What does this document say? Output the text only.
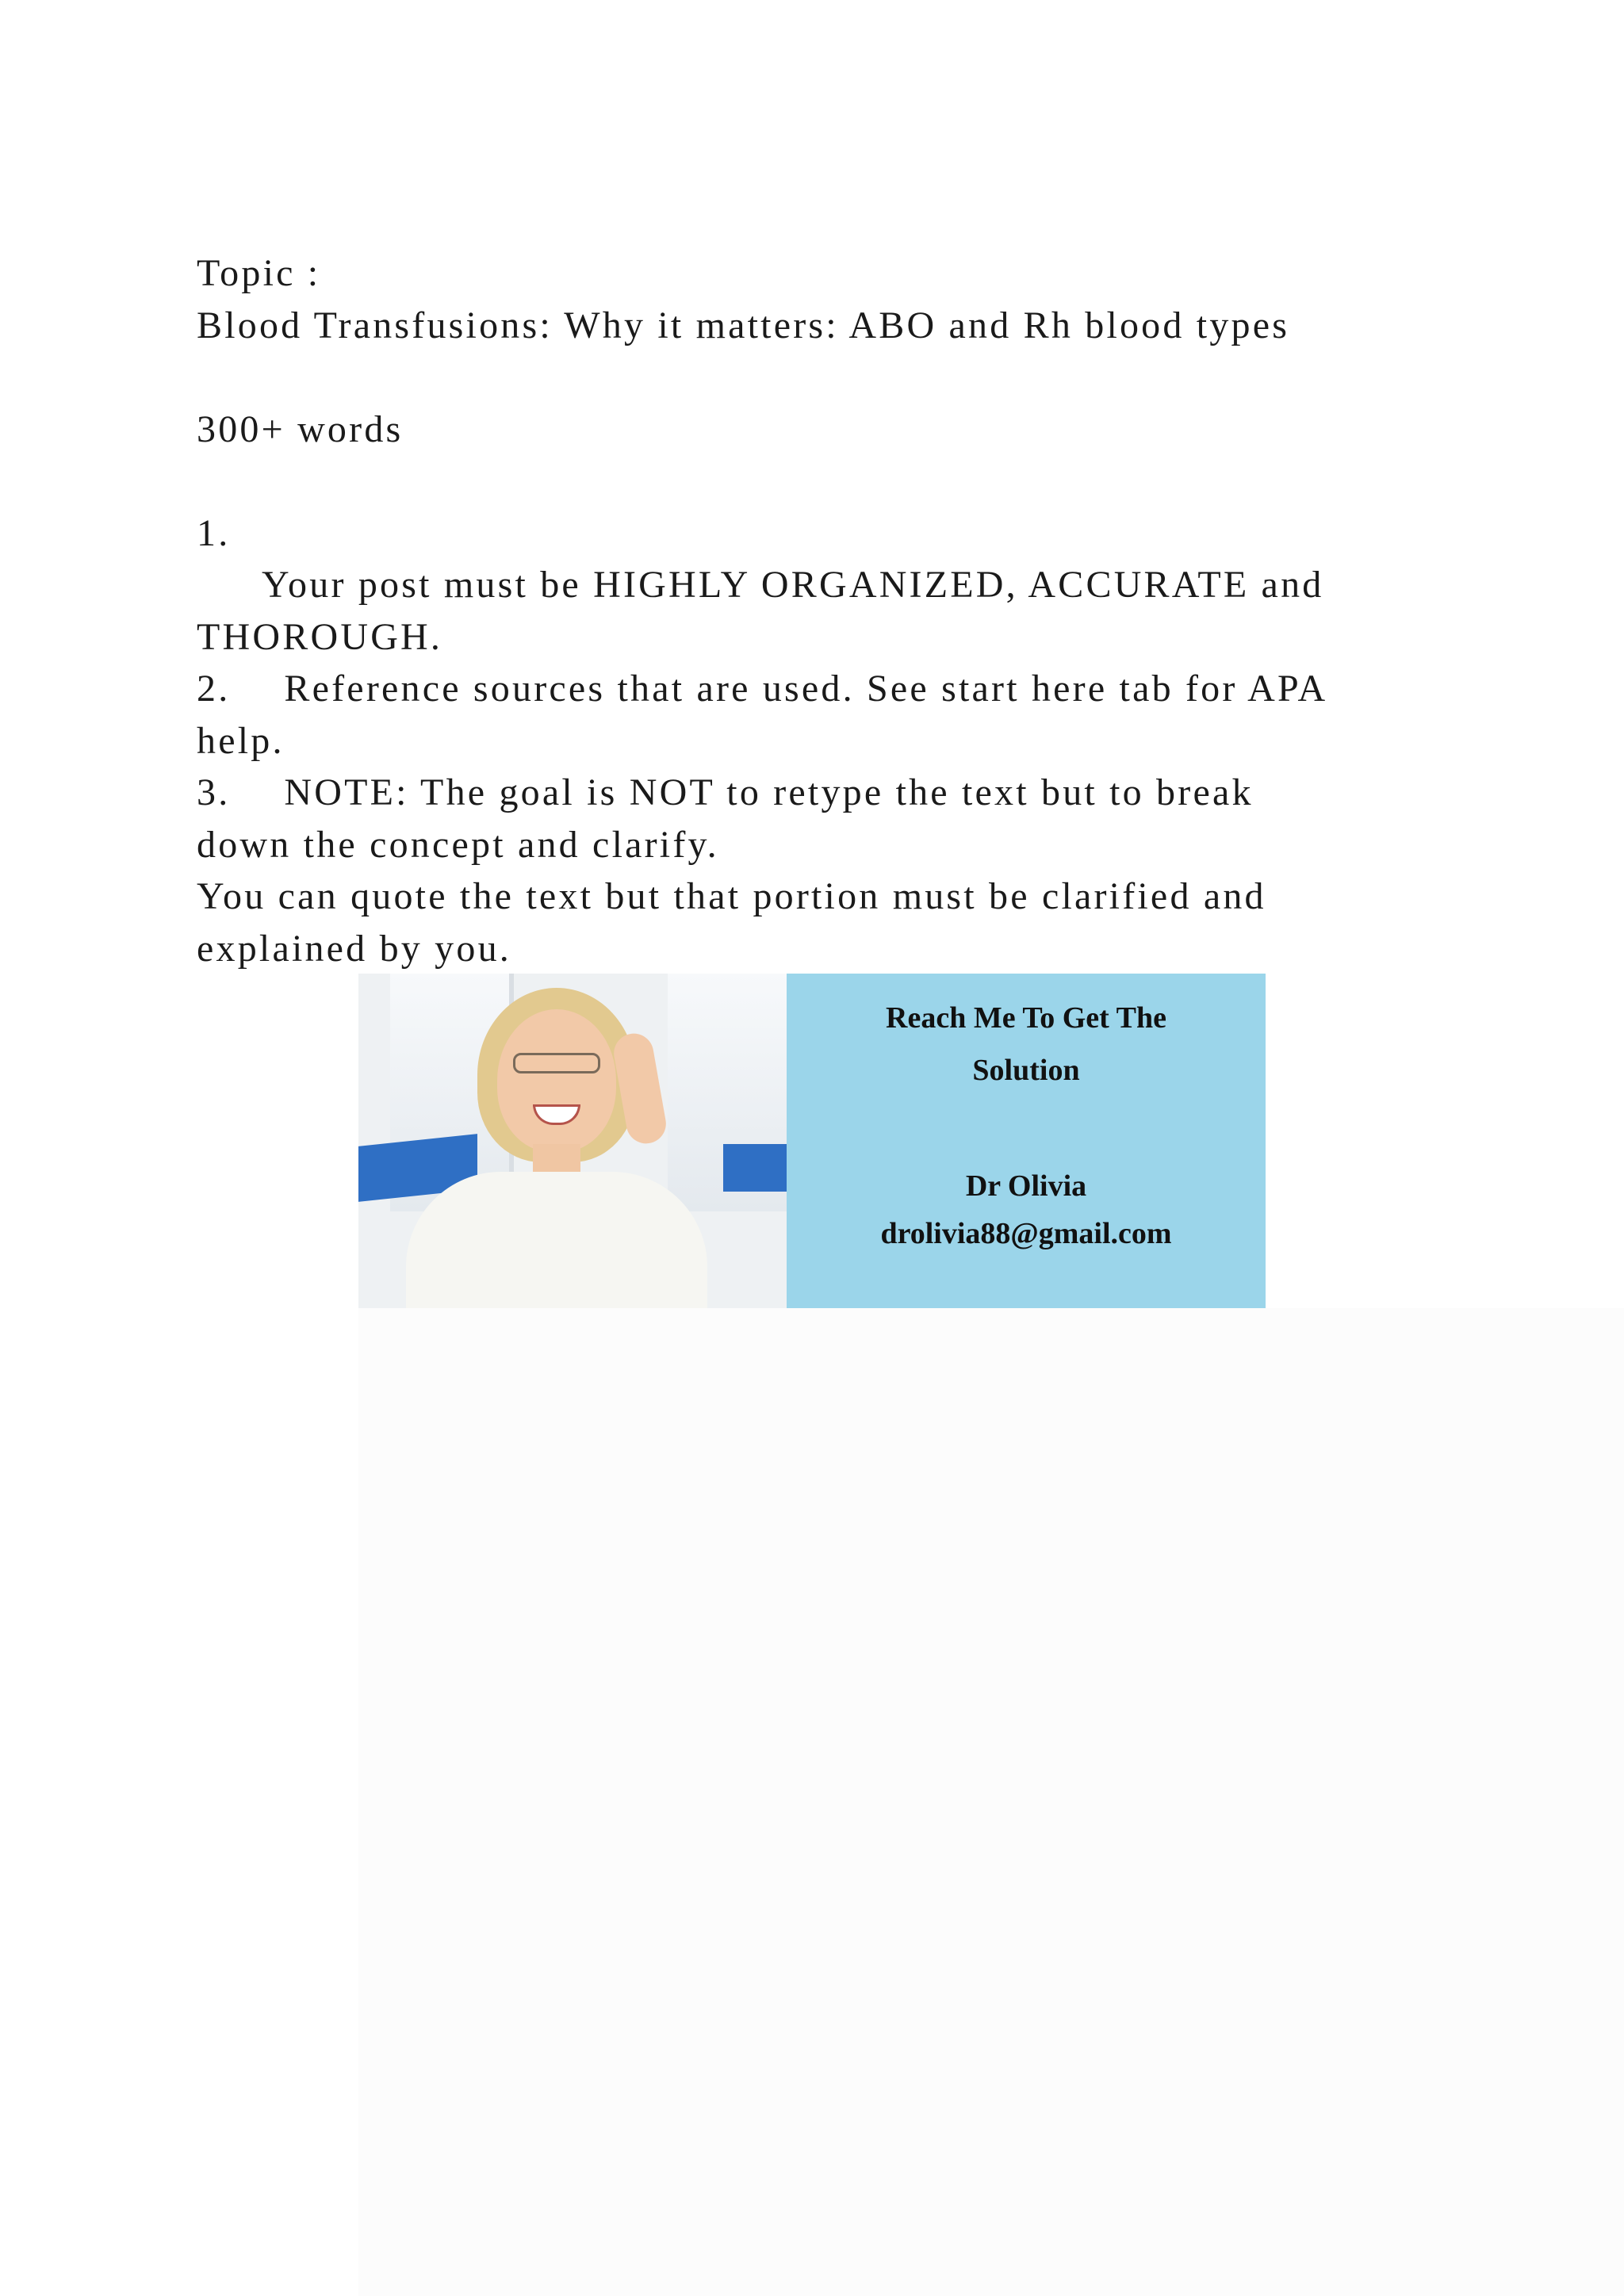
Topic :
Blood Transfusions: Why it matters: ABO and Rh blood types
300+ words
1.
Your post must be HIGHLY ORGANIZED, ACCURATE and
THOROUGH.
2. Reference sources that are used. See start here tab for APA
help.
3. NOTE: The goal is NOT to retype the text but to break
down the concept and clarify.
You can quote the text but that portion must be clarified and
explained by you.
Reach Me To Get The
Solution
Dr Olivia
drolivia88@gmail.com
